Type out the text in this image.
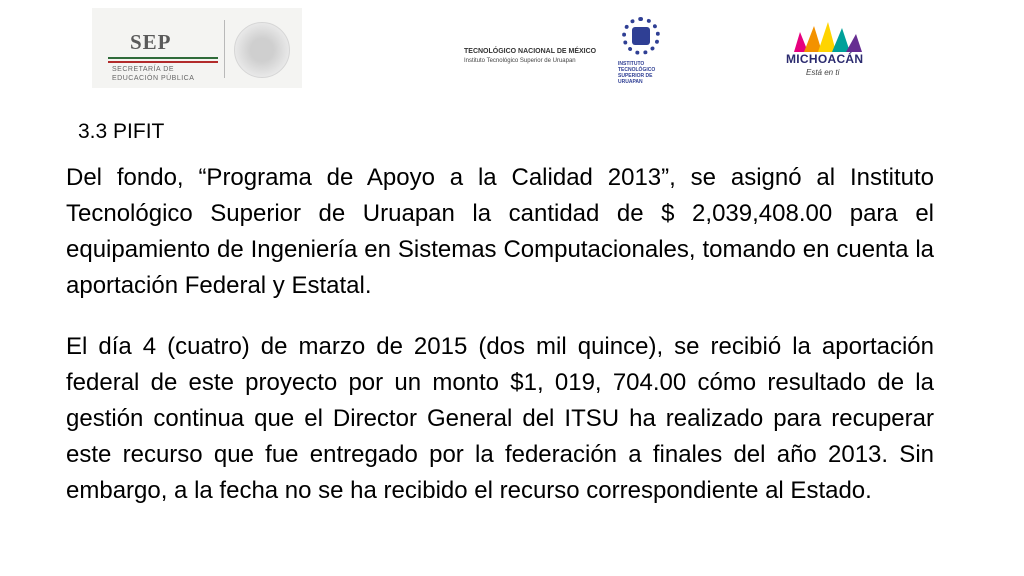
SEP
SECRETARÍA DE
EDUCACIÓN PÚBLICA
TECNOLÓGICO NACIONAL DE MÉXICO
Instituto Tecnológico Superior de Uruapan	INSTITUTO TECNOLÓGICO SUPERIOR DE URUAPAN
MICHOACÁN
Está en ti
3.3 PIFIT

Del fondo, “Programa de Apoyo a la Calidad 2013”, se asignó al Instituto Tecnológico Superior de Uruapan la cantidad de $ 2,039,408.00 para el equipamiento de Ingeniería en Sistemas Computacionales, tomando en cuenta la aportación Federal y Estatal.

El día 4 (cuatro) de marzo de 2015 (dos mil quince), se recibió la aportación federal de este proyecto por un monto $1, 019, 704.00 cómo resultado de la gestión continua que el Director General del ITSU ha realizado para recuperar este recurso que fue entregado por la federación a finales del año 2013. Sin embargo, a la fecha no se ha recibido el recurso correspondiente al Estado.
